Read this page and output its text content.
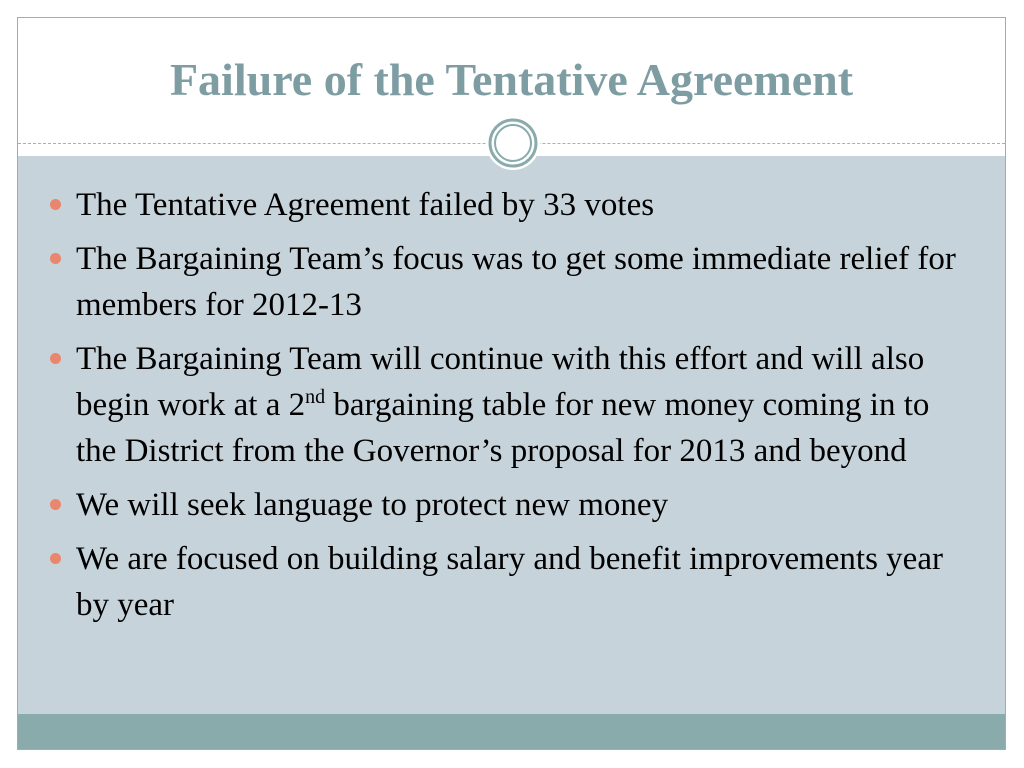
Failure of the Tentative Agreement
The Tentative Agreement failed by 33 votes
The Bargaining Team’s focus was to get some immediate relief for members for 2012-13
The Bargaining Team will continue with this effort and will also begin work at a 2nd bargaining table for new money coming in to the District from the Governor’s proposal for 2013 and beyond
We will seek language to protect new money
We are focused on building salary and benefit improvements year by year
